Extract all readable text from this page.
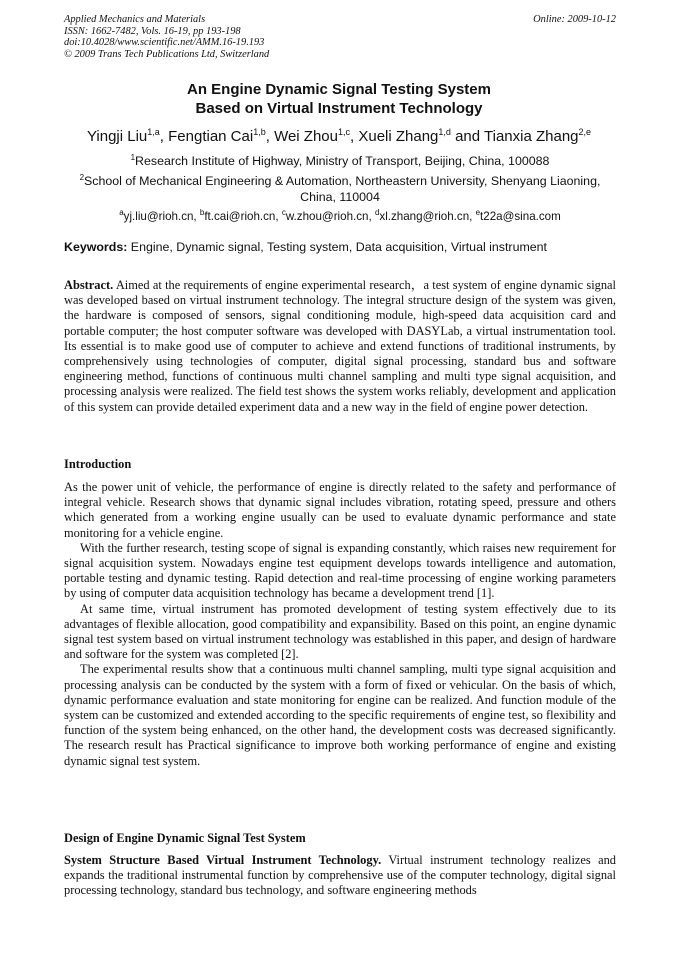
Applied Mechanics and Materials
ISSN: 1662-7482, Vols. 16-19, pp 193-198
doi:10.4028/www.scientific.net/AMM.16-19.193
© 2009 Trans Tech Publications Ltd, Switzerland
Online: 2009-10-12
An Engine Dynamic Signal Testing System
Based on Virtual Instrument Technology
Yingji Liu$^{1,a}$, Fengtian Cai$^{1,b}$, Wei Zhou$^{1,c}$, Xueli Zhang$^{1,d}$ and Tianxia Zhang$^{2,e}$
$^1$Research Institute of Highway, Ministry of Transport, Beijing, China, 100088
$^2$School of Mechanical Engineering & Automation, Northeastern University, Shenyang Liaoning, China, 110004
$^a$yj.liu@rioh.cn, $^b$ft.cai@rioh.cn, $^c$w.zhou@rioh.cn, $^d$xl.zhang@rioh.cn, $^e$t22a@sina.com
Keywords: Engine, Dynamic signal, Testing system, Data acquisition, Virtual instrument

Abstract. Aimed at the requirements of engine experimental research，a test system of engine dynamic signal was developed based on virtual instrument technology. The integral structure design of the system was given, the hardware is composed of sensors, signal conditioning module, high-speed data acquisition card and portable computer; the host computer software was developed with DASYLab, a virtual instrumentation tool. Its essential is to make good use of computer to achieve and extend functions of traditional instruments, by comprehensively using technologies of computer, digital signal processing, standard bus and software engineering method, functions of continuous multi channel sampling and multi type signal acquisition, and processing analysis were realized. The field test shows the system works reliably, development and application of this system can provide detailed experiment data and a new way in the field of engine power detection.

Introduction

As the power unit of vehicle, the performance of engine is directly related to the safety and performance of integral vehicle. Research shows that dynamic signal includes vibration, rotating speed, pressure and others which generated from a working engine usually can be used to evaluate dynamic performance and state monitoring for a vehicle engine.

With the further research, testing scope of signal is expanding constantly, which raises new requirement for signal acquisition system. Nowadays engine test equipment develops towards intelligence and automation, portable testing and dynamic testing. Rapid detection and real-time processing of engine working parameters by using of computer data acquisition technology has became a development trend [1].

At same time, virtual instrument has promoted development of testing system effectively due to its advantages of flexible allocation, good compatibility and expansibility. Based on this point, an engine dynamic signal test system based on virtual instrument technology was established in this paper, and design of hardware and software for the system was completed [2].

The experimental results show that a continuous multi channel sampling, multi type signal acquisition and processing analysis can be conducted by the system with a form of fixed or vehicular. On the basis of which, dynamic performance evaluation and state monitoring for engine can be realized. And function module of the system can be customized and extended according to the specific requirements of engine test, so flexibility and function of the system being enhanced, on the other hand, the development costs was decreased significantly. The research result has Practical significance to improve both working performance of engine and existing dynamic signal test system.

Design of Engine Dynamic Signal Test System

System Structure Based Virtual Instrument Technology. Virtual instrument technology realizes and expands the traditional instrumental function by comprehensive use of the computer technology, digital signal processing technology, standard bus technology, and software engineering methods
